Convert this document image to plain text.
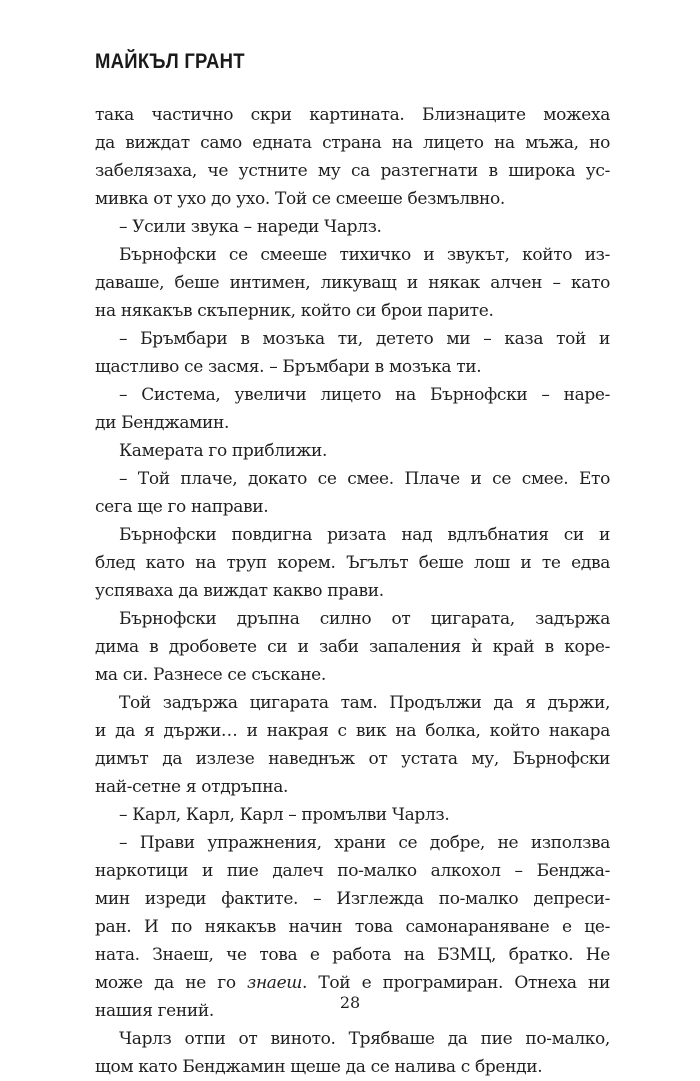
МАЙКЪЛ ГРАНТ
така частично скри картината. Близнаците можеха
да виждат само едната страна на лицето на мъжа, но
забелязаха, че устните му са разтегнати в широка ус-
мивка от ухо до ухо. Той се смееше безмълвно.
– Усили звука – нареди Чарлз.
Бърнофски се смееше тихичко и звукът, който из-
даваше, беше интимен, ликуващ и някак алчен – като
на някакъв скъперник, който си брои парите.
– Бръмбари в мозъка ти, детето ми – каза той и
щастливо се засмя. – Бръмбари в мозъка ти.
– Система, увеличи лицето на Бърнофски – наре-
ди Бенджамин.
Камерата го приближи.
– Той плаче, докато се смее. Плаче и се смее. Ето
сега ще го направи.
Бърнофски повдигна ризата над вдлъбнатия си и
блед като на труп корем. Ъгълът беше лош и те едва
успяваха да виждат какво прави.
Бърнофски дръпна силно от цигарата, задържа
дима в дробовете си и заби запаления ѝ край в коре-
ма си. Разнесе се съскане.
Той задържа цигарата там. Продължи да я държи,
и да я държи… и накрая с вик на болка, който накара
димът да излезе наведнъж от устата му, Бърнофски
най-сетне я отдръпна.
– Карл, Карл, Карл – промълви Чарлз.
– Прави упражнения, храни се добре, не използва
наркотици и пие далеч по-малко алкохол – Бенджа-
мин изреди фактите. – Изглежда по-малко депреси-
ран. И по някакъв начин това самонараняване е це-
ната. Знаеш, че това е работа на БЗМЦ, братко. Не
може да не го знаеш. Той е програмиран. Отнеха ни
нашия гений.
Чарлз отпи от виното. Трябваше да пие по-малко,
щом като Бенджамин щеше да се налива с бренди.
28
